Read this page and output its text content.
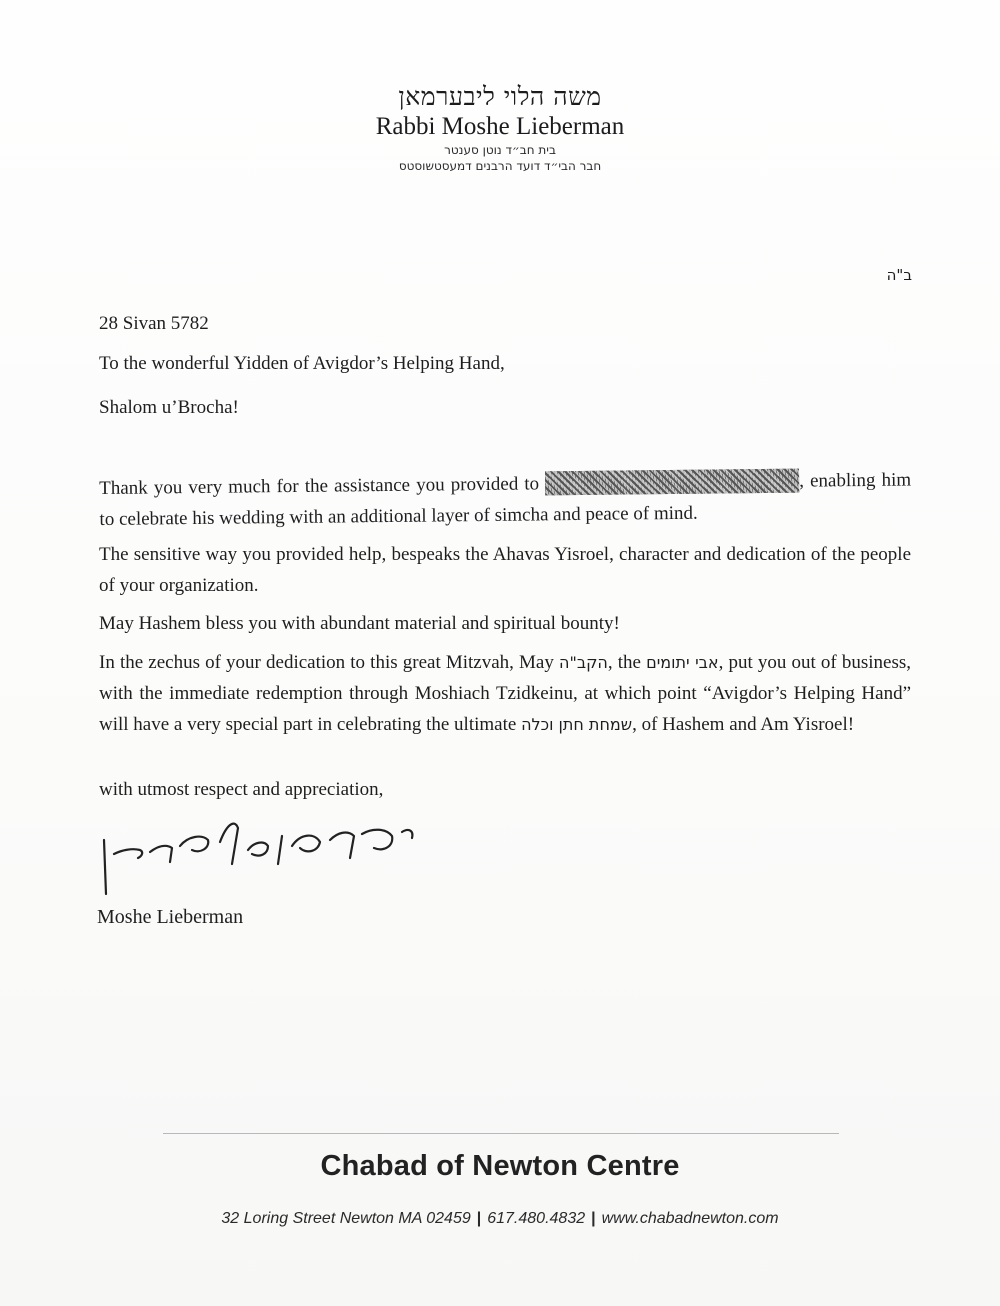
משה הלוי ליבערמאן
Rabbi Moshe Lieberman
בית חב״ד נוטן סענטר
חבר הבי״ד דועד הרבנים דמעסטשוסטס
ב"ה
28 Sivan 5782
To the wonderful Yidden of Avigdor’s Helping Hand,
Shalom u’Brocha!
Thank you very much for the assistance you provided to	, enabling him to celebrate his wedding with an additional layer of simcha and peace of mind.
The sensitive way you provided help, bespeaks the Ahavas Yisroel, character and dedication of the people of your organization.
May Hashem bless you with abundant material and spiritual bounty!
In the zechus of your dedication to this great Mitzvah, May הקב"ה, the אבי יתומים, put you out of business, with the immediate redemption through Moshiach Tzidkeinu, at which point “Avigdor’s Helping Hand” will have a very special part in celebrating the ultimate שמחת חתן וכלה, of Hashem and Am Yisroel!
with utmost respect and appreciation,
Moshe Lieberman
Chabad of Newton Centre
32 Loring Street Newton MA 02459 | 617.480.4832 | www.chabadnewton.com
